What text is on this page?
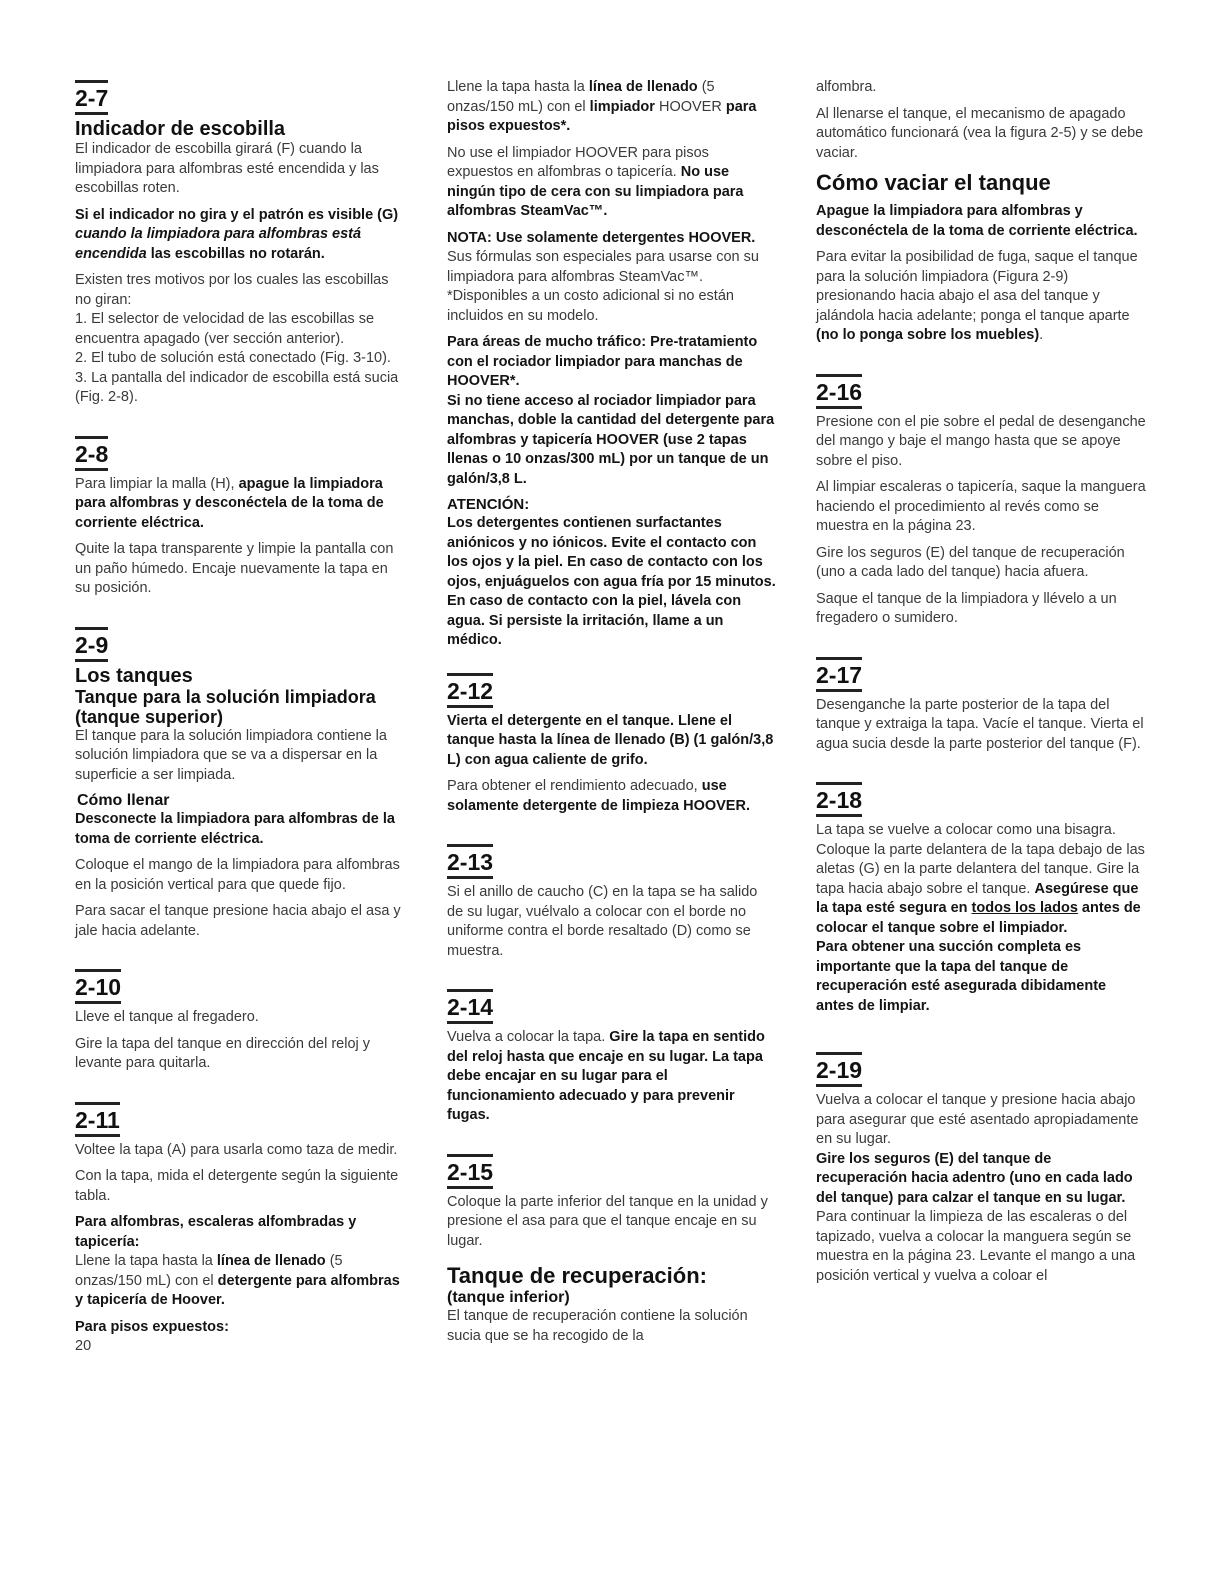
2-7
Indicador de escobilla

El indicador de escobilla girará (F) cuando la limpiadora para alfombras esté encendida y las escobillas roten.

Si el indicador no gira y el patrón es visible (G) cuando la limpiadora para alfombras está encendida las escobillas no rotarán.

Existen tres motivos por los cuales las escobillas no giran:

1. El selector de velocidad de las escobillas se encuentra apagado (ver sección anterior).

2. El tubo de solución está conectado (Fig. 3-10).

3. La pantalla del indicador de escobilla está sucia (Fig. 2-8).

2-8

Para limpiar la malla (H), apague la limpiadora para alfombras y desconéctela de la toma de corriente eléctrica.

Quite la tapa transparente y limpie la pantalla con un paño húmedo. Encaje nuevamente la tapa en su posición.

2-9
Los tanques
Tanque para la solución limpiadora (tanque superior)

El tanque para la solución limpiadora contiene la solución limpiadora que se va a dispersar en la superficie a ser limpiada.

Cómo llenar

Desconecte la limpiadora para alfombras de la toma de corriente eléctrica.

Coloque el mango de la limpiadora para alfombras en la posición vertical para que quede fijo.

Para sacar el tanque presione hacia abajo el asa y jale hacia adelante.

2-10

Lleve el tanque al fregadero.

Gire la tapa del tanque en dirección del reloj y levante para quitarla.

2-11

Voltee la tapa (A) para usarla como taza de medir.

Con la tapa, mida el detergente según la siguiente tabla.

Para alfombras, escaleras alfombradas y tapicería:
Llene la tapa hasta la línea de llenado (5 onzas/150 mL) con el detergente para alfombras y tapicería de Hoover.

Para pisos expuestos:

20

Llene la tapa hasta la línea de llenado (5 onzas/150 mL) con el limpiador HOOVER para pisos expuestos*.

No use el limpiador HOOVER para pisos expuestos en alfombras o tapicería. No use ningún tipo de cera con su limpiadora para alfombras SteamVac™.

NOTA: Use solamente detergentes HOOVER. Sus fórmulas son especiales para usarse con su limpiadora para alfombras SteamVac™.

*Disponibles a un costo adicional si no están incluidos en su modelo.

Para áreas de mucho tráfico: Pre-tratamiento con el rociador limpiador para manchas de HOOVER*.

Si no tiene acceso al rociador limpiador para manchas, doble la cantidad del detergente para alfombras y tapicería HOOVER (use 2 tapas llenas o 10 onzas/300 mL) por un tanque de un galón/3,8 L.

ATENCIÓN:

Los detergentes contienen surfactantes aniónicos y no iónicos. Evite el contacto con los ojos y la piel. En caso de contacto con los ojos, enjuáguelos con agua fría por 15 minutos. En caso de contacto con la piel, lávela con agua. Si persiste la irritación, llame a un médico.

2-12

Vierta el detergente en el tanque. Llene el tanque hasta la línea de llenado (B) (1 galón/3,8 L) con agua caliente de grifo.

Para obtener el rendimiento adecuado, use solamente detergente de limpieza HOOVER.

2-13

Si el anillo de caucho (C) en la tapa se ha salido de su lugar, vuélvalo a colocar con el borde no uniforme contra el borde resaltado (D) como se muestra.

2-14

Vuelva a colocar la tapa. Gire la tapa en sentido del reloj hasta que encaje en su lugar. La tapa debe encajar en su lugar para el funcionamiento adecuado y para prevenir fugas.

2-15

Coloque la parte inferior del tanque en la unidad y presione el asa para que el tanque encaje en su lugar.

Tanque de recuperación:
(tanque inferior)

El tanque de recuperación contiene la solución sucia que se ha recogido de la

alfombra.

Al llenarse el tanque, el mecanismo de apagado automático funcionará (vea la figura 2-5) y se debe vaciar.

Cómo vaciar el tanque

Apague la limpiadora para alfombras y desconéctela de la toma de corriente eléctrica.

Para evitar la posibilidad de fuga, saque el tanque para la solución limpiadora (Figura 2-9) presionando hacia abajo el asa del tanque y jalándola hacia adelante; ponga el tanque aparte (no lo ponga sobre los muebles).

2-16

Presione con el pie sobre el pedal de desenganche del mango y baje el mango hasta que se apoye sobre el piso.

Al limpiar escaleras o tapicería, saque la manguera haciendo el procedimiento al revés como se muestra en la página 23.

Gire los seguros (E) del tanque de recuperación (uno a cada lado del tanque) hacia afuera.

Saque el tanque de la limpiadora y llévelo a un fregadero o sumidero.

2-17

Desenganche la parte posterior de la tapa del tanque y extraiga la tapa. Vacíe el tanque. Vierta el agua sucia desde la parte posterior del tanque (F).

2-18

La tapa se vuelve a colocar como una bisagra. Coloque la parte delantera de la tapa debajo de las aletas (G) en la parte delantera del tanque. Gire la tapa hacia abajo sobre el tanque. Asegúrese que la tapa esté segura en todos los lados antes de colocar el tanque sobre el limpiador.

Para obtener una succión completa es importante que la tapa del tanque de recuperación esté asegurada dibidamente antes de limpiar.

2-19

Vuelva a colocar el tanque y presione hacia abajo para asegurar que esté asentado apropiadamente en su lugar.

Gire los seguros (E) del tanque de recuperación hacia adentro (uno en cada lado del tanque) para calzar el tanque en su lugar.

Para continuar la limpieza de las escaleras o del tapizado, vuelva a colocar la manguera según se muestra en la página 23. Levante el mango a una posición vertical y vuelva a coloar el
